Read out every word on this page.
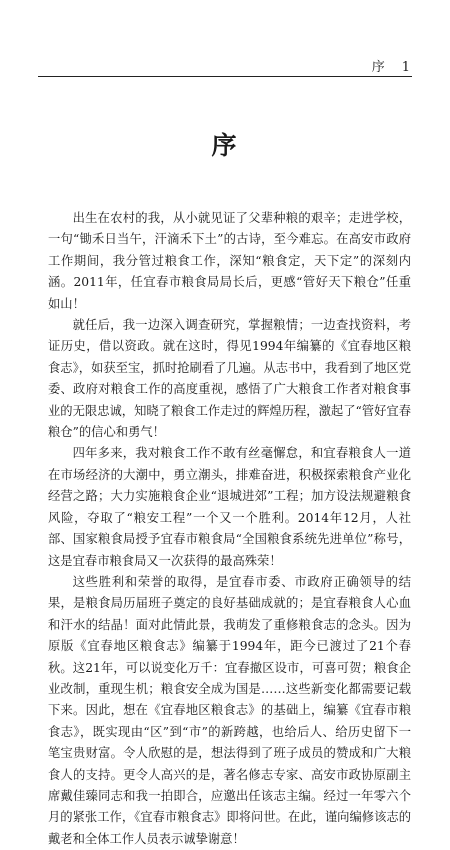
序　1
序

出生在农村的我，从小就见证了父辈种粮的艰辛；走进学校，一句“锄禾日当午，汗滴禾下土”的古诗，至今难忘。在高安市政府工作期间，我分管过粮食工作，深知“粮食定，天下定”的深刻内涵。2011年，任宜春市粮食局局长后，更感“管好天下粮仓”任重如山！

就任后，我一边深入调查研究，掌握粮情；一边查找资料，考证历史，借以资政。就在这时，得见1994年编纂的《宜春地区粮食志》，如获至宝，抓时抢刷看了几遍。从志书中，我看到了地区党委、政府对粮食工作的高度重视，感悟了广大粮食工作者对粮食事业的无限忠诚，知晓了粮食工作走过的辉煌历程，激起了“管好宜春粮仓”的信心和勇气！

四年多来，我对粮食工作不敢有丝毫懈怠，和宜春粮食人一道在市场经济的大潮中，勇立潮头，排难奋进，积极探索粮食产业化经营之路；大力实施粮食企业“退城进郊”工程；加方设法规避粮食风险，夺取了“粮安工程”一个又一个胜利。2014年12月，人社部、国家粮食局授予宜春市粮食局“全国粮食系统先进单位”称号，这是宜春市粮食局又一次获得的最高殊荣！

这些胜利和荣誉的取得，是宜春市委、市政府正确领导的结果，是粮食局历届班子奠定的良好基础成就的；是宜春粮食人心血和汗水的结晶！面对此情此景，我萌发了重修粮食志的念头。因为原版《宜春地区粮食志》编纂于1994年，距今已渡过了21个春秋。这21年，可以说变化万千：宜春撤区设市，可喜可贺；粮食企业改制，重现生机；粮食安全成为国是……这些新变化都需要记载下来。因此，想在《宜春地区粮食志》的基础上，编纂《宜春市粮食志》，既实现由“区”到“市”的新跨越，也给后人、给历史留下一笔宝贵财富。令人欣慰的是，想法得到了班子成员的赞成和广大粮食人的支持。更令人高兴的是，著名修志专家、高安市政协原副主席戴佳臻同志和我一拍即合，应邀出任该志主编。经过一年零六个月的紧张工作，《宜春市粮食志》即将问世。在此，谨向编修该志的戴老和全体工作人员表示诚挚谢意！
